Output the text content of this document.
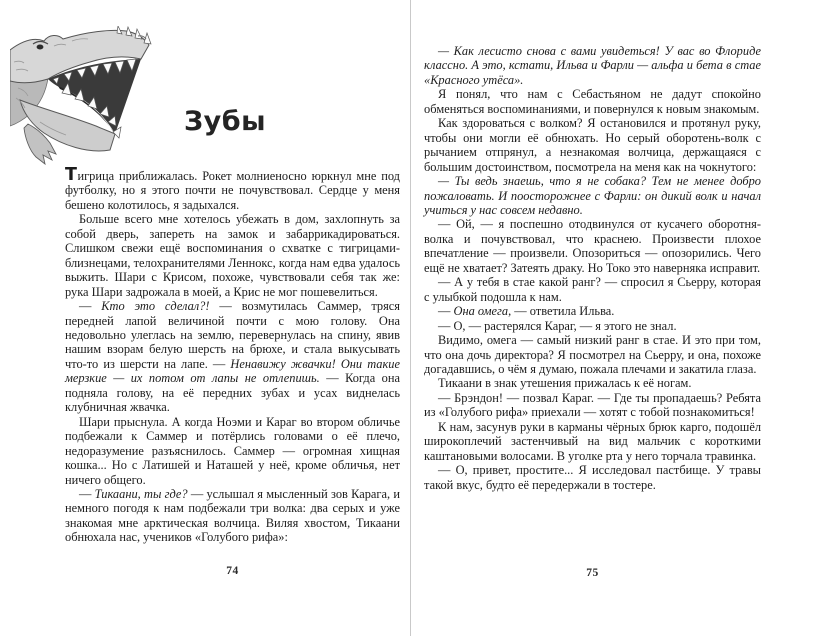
Зубы

Тигрица приближалась. Рокет молниеносно юркнул мне под футболку, но я этого почти не почувствовал. Сердце у меня бешено колотилось, я задыхался.

Больше всего мне хотелось убежать в дом, захлопнуть за собой дверь, запереть на замок и забаррикадироваться. Слишком свежи ещё воспоминания о схватке с тигрицами-близнецами, телохранителями Леннокс, когда нам едва удалось выжить. Шари с Крисом, похоже, чувствовали себя так же: рука Шари задрожала в моей, а Крис не мог пошевелиться.

— Кто это сделал?! — возмутилась Саммер, тряся передней лапой величиной почти с мою голову. Она недовольно улеглась на землю, перевернулась на спину, явив нашим взорам белую шерсть на брюхе, и стала выкусывать что-то из шерсти на лапе. — Ненавижу жвачки! Они такие мерзкие — их потом от лапы не отлепишь. — Когда она подняла голову, на её передних зубах и усах виднелась клубничная жвачка.

Шари прыснула. А когда Ноэми и Караг во втором обличье подбежали к Саммер и потёрлись головами о её плечо, недоразумение разъяснилось. Саммер — огромная хищная кошка... Но с Латишей и Наташей у неё, кроме обличья, нет ничего общего.

— Тикаани, ты где? — услышал я мысленный зов Карага, и немного погодя к нам подбежали три волка: два серых и уже знакомая мне арктическая волчица. Виляя хвостом, Тикаани обнюхала нас, учеников «Голубого рифа»:

— Как лесисто снова с вами увидеться! У вас во Флориде классно. А это, кстати, Ильва и Фарли — альфа и бета в стае «Красного утёса».

Я понял, что нам с Себастьяном не дадут спокойно обменяться воспоминаниями, и повернулся к новым знакомым.

Как здороваться с волком? Я остановился и протянул руку, чтобы они могли её обнюхать. Но серый оборотень-волк с рычанием отпрянул, а незнакомая волчица, держащаяся с большим достоинством, посмотрела на меня как на чокнутого:

— Ты ведь знаешь, что я не собака? Тем не менее добро пожаловать. И поосторожнее с Фарли: он дикий волк и начал учиться у нас совсем недавно.

— Ой, — я поспешно отодвинулся от кусачего оборотня-волка и почувствовал, что краснею. Произвести плохое впечатление — произвели. Опозориться — опозорились. Чего ещё не хватает? Затеять драку. Но Токо это наверняка исправит.

— А у тебя в стае какой ранг? — спросил я Сьерру, которая с улыбкой подошла к нам.

— Она омега, — ответила Ильва.

— О, — растерялся Караг, — я этого не знал.

Видимо, омега — самый низкий ранг в стае. И это при том, что она дочь директора? Я посмотрел на Сьерру, и она, похоже догадавшись, о чём я думаю, пожала плечами и закатила глаза.

Тикаани в знак утешения прижалась к её ногам.

— Брэндон! — позвал Караг. — Где ты пропадаешь? Ребята из «Голубого рифа» приехали — хотят с тобой познакомиться!

К нам, засунув руки в карманы чёрных брюк карго, подошёл широкоплечий застенчивый на вид мальчик с короткими каштановыми волосами. В уголке рта у него торчала травинка.

— О, привет, простите... Я исследовал пастбище. У травы такой вкус, будто её передержали в тостере.

74	75
